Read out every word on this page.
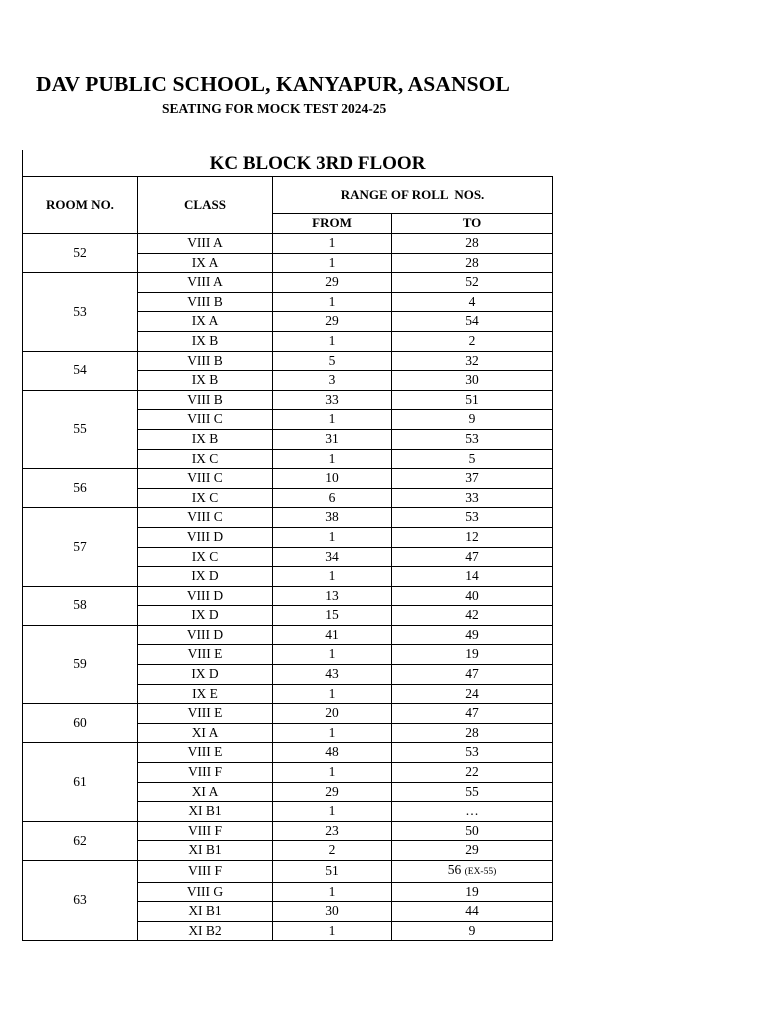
DAV PUBLIC SCHOOL, KANYAPUR, ASANSOL
SEATING FOR MOCK TEST 2024-25
KC BLOCK 3RD FLOOR
ROOM NO.	CLASS	RANGE OF ROLL  NOS.	
		FROM	TO
52	VIII A	1	28
	IX A	1	28
53	VIII A	29	52
	VIII B	1	4
	IX A	29	54
	IX B	1	2
54	VIII B	5	32
	IX B	3	30
55	VIII B	33	51
	VIII C	1	9
	IX B	31	53
	IX C	1	5
56	VIII C	10	37
	IX C	6	33
57	VIII C	38	53
	VIII D	1	12
	IX C	34	47
	IX D	1	14
58	VIII D	13	40
	IX D	15	42
59	VIII D	41	49
	VIII E	1	19
	IX D	43	47
	IX E	1	24
60	VIII E	20	47
	XI A	1	28
61	VIII E	48	53
	VIII F	1	22
	XI A	29	55
	XI B1	1	…
62	VIII F	23	50
	XI B1	2	29
63	VIII F	51	56 (EX-55)
	VIII G	1	19
	XI B1	30	44
	XI B2	1	9
